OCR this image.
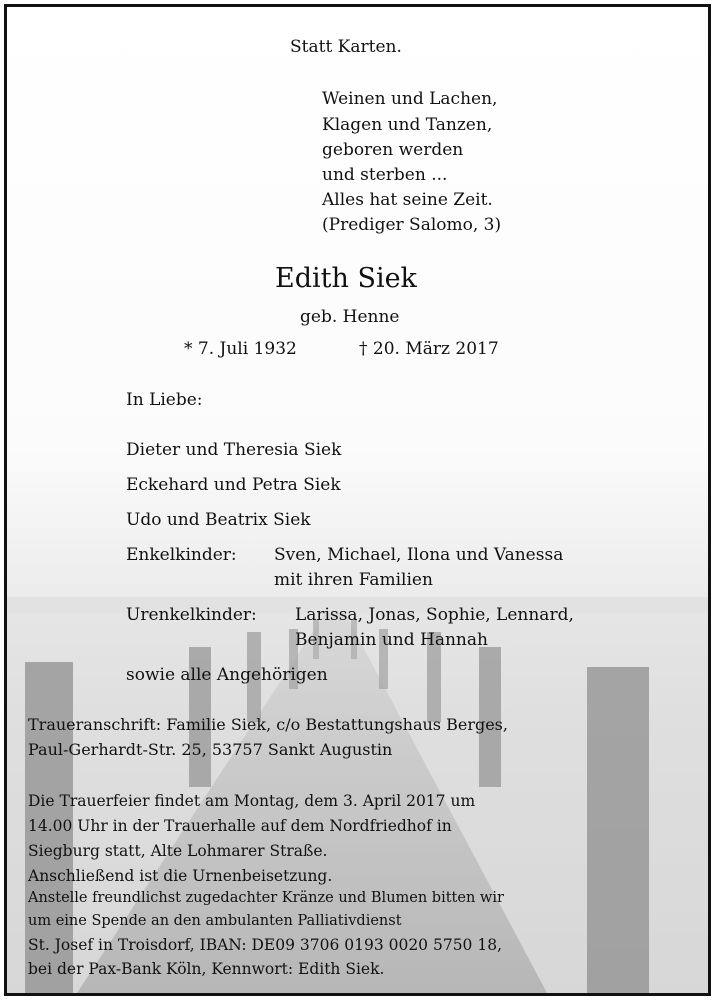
Statt Karten.
Weinen und Lachen,
Klagen und Tanzen,
geboren werden
und sterben ...
Alles hat seine Zeit.
(Prediger Salomo, 3)
Edith Siek
geb. Henne
* 7. Juli 1932	† 20. März 2017
In Liebe:
Dieter und Theresia Siek
Eckehard und Petra Siek
Udo und Beatrix Siek
Enkelkinder: Sven, Michael, Ilona und Vanessa
mit ihren Familien
Urenkelkinder: Larissa, Jonas, Sophie, Lennard,
Benjamin und Hannah
sowie alle Angehörigen
Traueranschrift: Familie Siek, c/o Bestattungshaus Berges,
Paul-Gerhardt-Str. 25, 53757 Sankt Augustin
Die Trauerfeier findet am Montag, dem 3. April 2017 um
14.00 Uhr in der Trauerhalle auf dem Nordfriedhof in
Siegburg statt, Alte Lohmarer Straße.
Anschließend ist die Urnenbeisetzung.
Anstelle freundlichst zugedachter Kränze und Blumen bitten wir
um eine Spende an den ambulanten Palliativdienst
St. Josef in Troisdorf, IBAN: DE09 3706 0193 0020 5750 18,
bei der Pax-Bank Köln, Kennwort: Edith Siek.
